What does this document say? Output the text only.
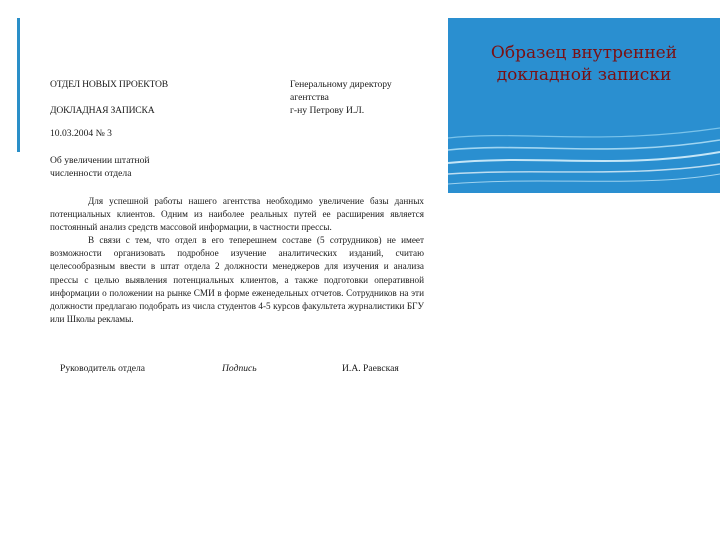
ОТДЕЛ НОВЫХ ПРОЕКТОВ
ДОКЛАДНАЯ ЗАПИСКА
Генеральному директору
агентства
г-ну Петрову И.Л.
10.03.2004 № 3
Об увеличении штатной
численности отдела

Для успешной работы нашего агентства необходимо увеличение базы данных потенциальных клиентов. Одним из наиболее реальных путей ее расширения является постоянный анализ средств массовой информации, в частности прессы.

В связи с тем, что отдел в его теперешнем составе (5 сотрудников) не имеет возможности организовать подробное изучение аналитических изданий, считаю целесообразным ввести в штат отдела 2 должности менеджеров для изучения и анализа прессы с целью выявления потенциальных клиентов, а также подготовки оперативной информации о положении на рынке СМИ в форме еженедельных отчетов. Сотрудников на эти должности предлагаю подобрать из числа студентов 4-5 курсов факультета журналистики БГУ или Школы рекламы.

Руководитель отдела	Подпись	И.А. Раевская
Образец внутренней
докладной записки
